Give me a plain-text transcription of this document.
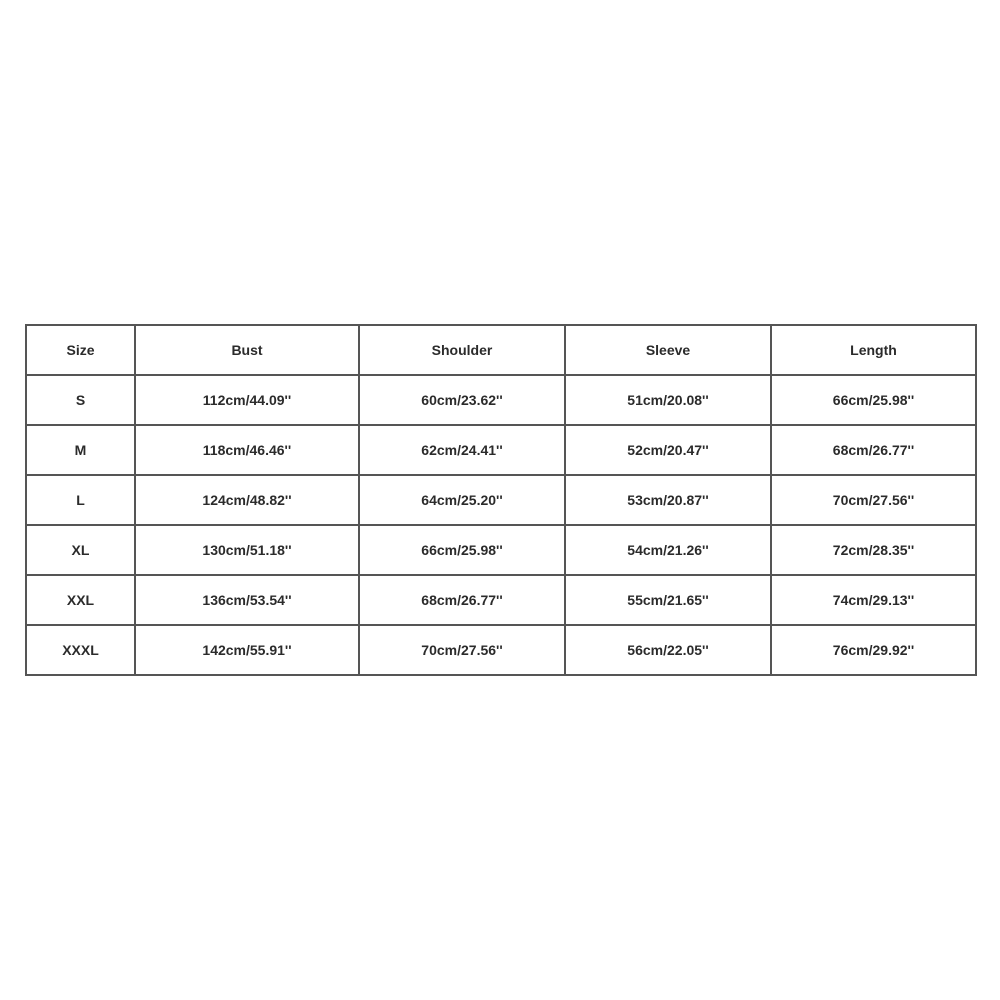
Size	Bust	Shoulder	Sleeve	Length
S	112cm/44.09''	60cm/23.62''	51cm/20.08''	66cm/25.98''
M	118cm/46.46''	62cm/24.41''	52cm/20.47''	68cm/26.77''
L	124cm/48.82''	64cm/25.20''	53cm/20.87''	70cm/27.56''
XL	130cm/51.18''	66cm/25.98''	54cm/21.26''	72cm/28.35''
XXL	136cm/53.54''	68cm/26.77''	55cm/21.65''	74cm/29.13''
XXXL	142cm/55.91''	70cm/27.56''	56cm/22.05''	76cm/29.92''
